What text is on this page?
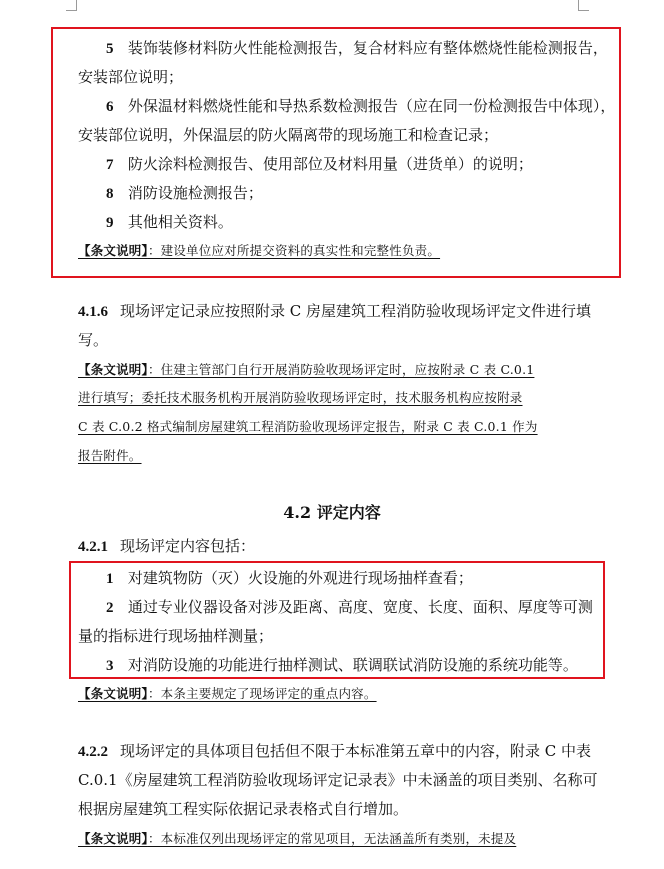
5 装饰装修材料防火性能检测报告，复合材料应有整体燃烧性能检测报告，
安装部位说明；
6 外保温材料燃烧性能和导热系数检测报告（应在同一份检测报告中体现），
安装部位说明，外保温层的防火隔离带的现场施工和检查记录；
7 防火涂料检测报告、使用部位及材料用量（进货单）的说明；
8 消防设施检测报告；
9 其他相关资料。
【条文说明】：建设单位应对所提交资料的真实性和完整性负责。
4.1.6 现场评定记录应按照附录 C 房屋建筑工程消防验收现场评定文件进行填
写。
【条文说明】：住建主管部门自行开展消防验收现场评定时，应按附录 C 表 C.0.1
进行填写；委托技术服务机构开展消防验收现场评定时，技术服务机构应按附录
C 表 C.0.2 格式编制房屋建筑工程消防验收现场评定报告，附录 C 表 C.0.1 作为
报告附件。
4.2 评定内容
4.2.1 现场评定内容包括：
1 对建筑物防（灭）火设施的外观进行现场抽样查看；
2 通过专业仪器设备对涉及距离、高度、宽度、长度、面积、厚度等可测
量的指标进行现场抽样测量；
3 对消防设施的功能进行抽样测试、联调联试消防设施的系统功能等。
【条文说明】：本条主要规定了现场评定的重点内容。
4.2.2 现场评定的具体项目包括但不限于本标准第五章中的内容，附录 C 中表
C.0.1《房屋建筑工程消防验收现场评定记录表》中未涵盖的项目类别、名称可
根据房屋建筑工程实际依据记录表格式自行增加。
【条文说明】：本标准仅列出现场评定的常见项目，无法涵盖所有类别，未提及
